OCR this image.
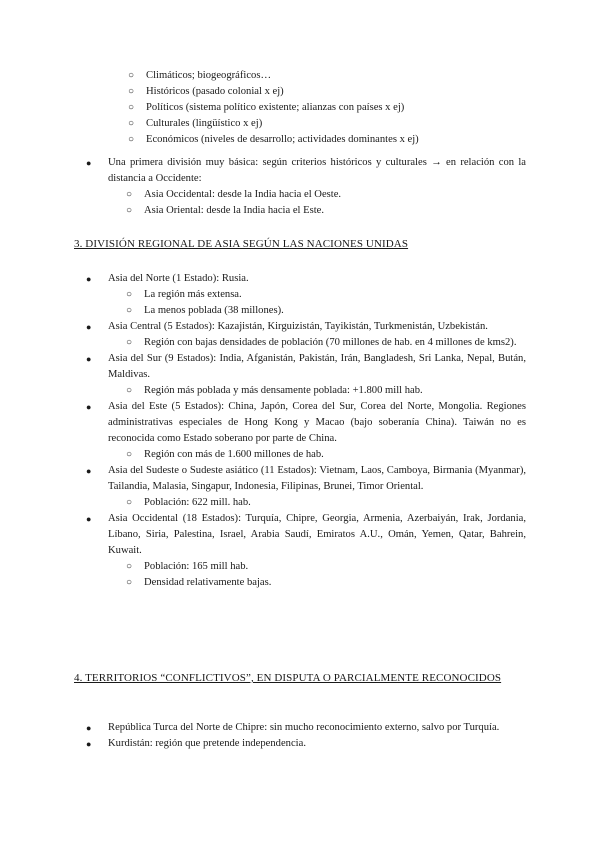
○ Climáticos; biogeográficos…
○ Históricos (pasado colonial x ej)
○ Políticos (sistema político existente; alianzas con países x ej)
○ Culturales (lingüístico x ej)
○ Económicos (niveles de desarrollo; actividades dominantes x ej)
● Una primera división muy básica: según criterios históricos y culturales → en relación con la distancia a Occidente:
○ Asia Occidental: desde la India hacia el Oeste.
○ Asia Oriental: desde la India hacia el Este.
3. DIVISIÓN REGIONAL DE ASIA SEGÚN LAS NACIONES UNIDAS
● Asia del Norte (1 Estado): Rusia.
○ La región más extensa.
○ La menos poblada (38 millones).
● Asia Central (5 Estados): Kazajistán, Kirguizistán, Tayikistán, Turkmenistán, Uzbekistán.
○ Región con bajas densidades de población (70 millones de hab. en 4 millones de kms2).
● Asia del Sur (9 Estados): India, Afganistán, Pakistán, Irán, Bangladesh, Sri Lanka, Nepal, Bután, Maldivas.
○ Región más poblada y más densamente poblada: +1.800 mill hab.
● Asia del Este (5 Estados): China, Japón, Corea del Sur, Corea del Norte, Mongolia. Regiones administrativas especiales de Hong Kong y Macao (bajo soberanía China). Taiwán no es reconocida como Estado soberano por parte de China.
○ Región con más de 1.600 millones de hab.
● Asia del Sudeste o Sudeste asiático (11 Estados): Vietnam, Laos, Camboya, Birmania (Myanmar), Tailandia, Malasia, Singapur, Indonesia, Filipinas, Brunei, Timor Oriental.
○ Población: 622 mill. hab.
● Asia Occidental (18 Estados): Turquía, Chipre, Georgia, Armenia, Azerbaiyán, Irak, Jordania, Líbano, Siria, Palestina, Israel, Arabia Saudí, Emiratos A.U., Omán, Yemen, Qatar, Bahrein, Kuwait.
○ Población: 165 mill hab.
○ Densidad relativamente bajas.
4. TERRITORIOS “CONFLICTIVOS”, EN DISPUTA O PARCIALMENTE RECONOCIDOS
● República Turca del Norte de Chipre: sin mucho reconocimiento externo, salvo por Turquía.
● Kurdistán: región que pretende independencia.
